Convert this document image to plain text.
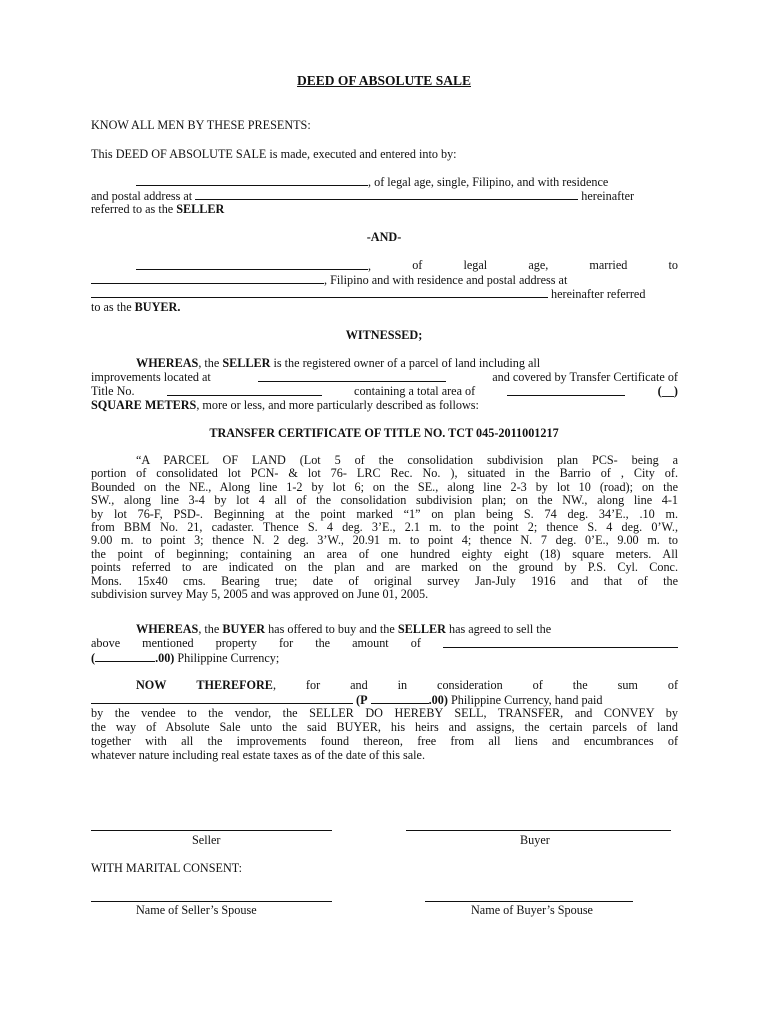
DEED OF ABSOLUTE SALE
KNOW ALL MEN BY THESE PRESENTS:
This DEED OF ABSOLUTE SALE is made, executed and entered into by:
, of legal age, single, Filipino, and with residence
and postal address at	hereinafter
referred to as the SELLER
-AND-
,	of	legal	age,	married	to
, Filipino and with residence and postal address at
hereinafter referred
to as the BUYER.
WITNESSED;
WHEREAS, the SELLER is the registered owner of a parcel of land including all
improvements located at	and covered by Transfer Certificate of
Title No.	containing a total area of	(__)
SQUARE METERS, more or less, and more particularly described as follows:
TRANSFER CERTIFICATE OF TITLE NO. TCT 045-2011001217
“A PARCEL OF LAND (Lot 5 of the consolidation subdivision plan PCS- being a
portion of consolidated lot PCN- & lot 76- LRC Rec. No. ), situated in the Barrio of , City of.
Bounded on the NE., Along line 1-2 by lot 6; on the SE., along line 2-3 by lot 10 (road); on the
SW., along line 3-4 by lot 4 all of the consolidation subdivision plan; on the NW., along line 4-1
by lot 76-F, PSD-. Beginning at the point marked “1” on plan being S. 74 deg. 34’E., .10 m.
from BBM No. 21, cadaster. Thence S. 4 deg. 3’E., 2.1 m. to the point 2; thence S. 4 deg. 0’W.,
9.00 m. to point 3; thence N. 2 deg. 3’W., 20.91 m. to point 4; thence N. 7 deg. 0’E., 9.00 m. to
the point of beginning; containing an area of one hundred eighty eight (18) square meters. All
points referred to are indicated on the plan and are marked on the ground by P.S. Cyl. Conc.
Mons. 15x40 cms. Bearing true; date of original survey Jan-July 1916 and that of the
subdivision survey May 5, 2005 and was approved on June 01, 2005.
WHEREAS, the BUYER has offered to buy and the SELLER has agreed to sell the
above mentioned property for the amount of
(	.00) Philippine Currency;
NOW THEREFORE, for and in consideration of the sum of
(P	.00) Philippine Currency, hand paid
by the vendee to the vendor, the SELLER DO HEREBY SELL, TRANSFER, and CONVEY by
the way of Absolute Sale unto the said BUYER, his heirs and assigns, the certain parcels of land
together with all the improvements found thereon, free from all liens and encumbrances of
whatever nature including real estate taxes as of the date of this sale.
Seller	Buyer
WITH MARITAL CONSENT:
Name of Seller’s Spouse	Name of Buyer’s Spouse
